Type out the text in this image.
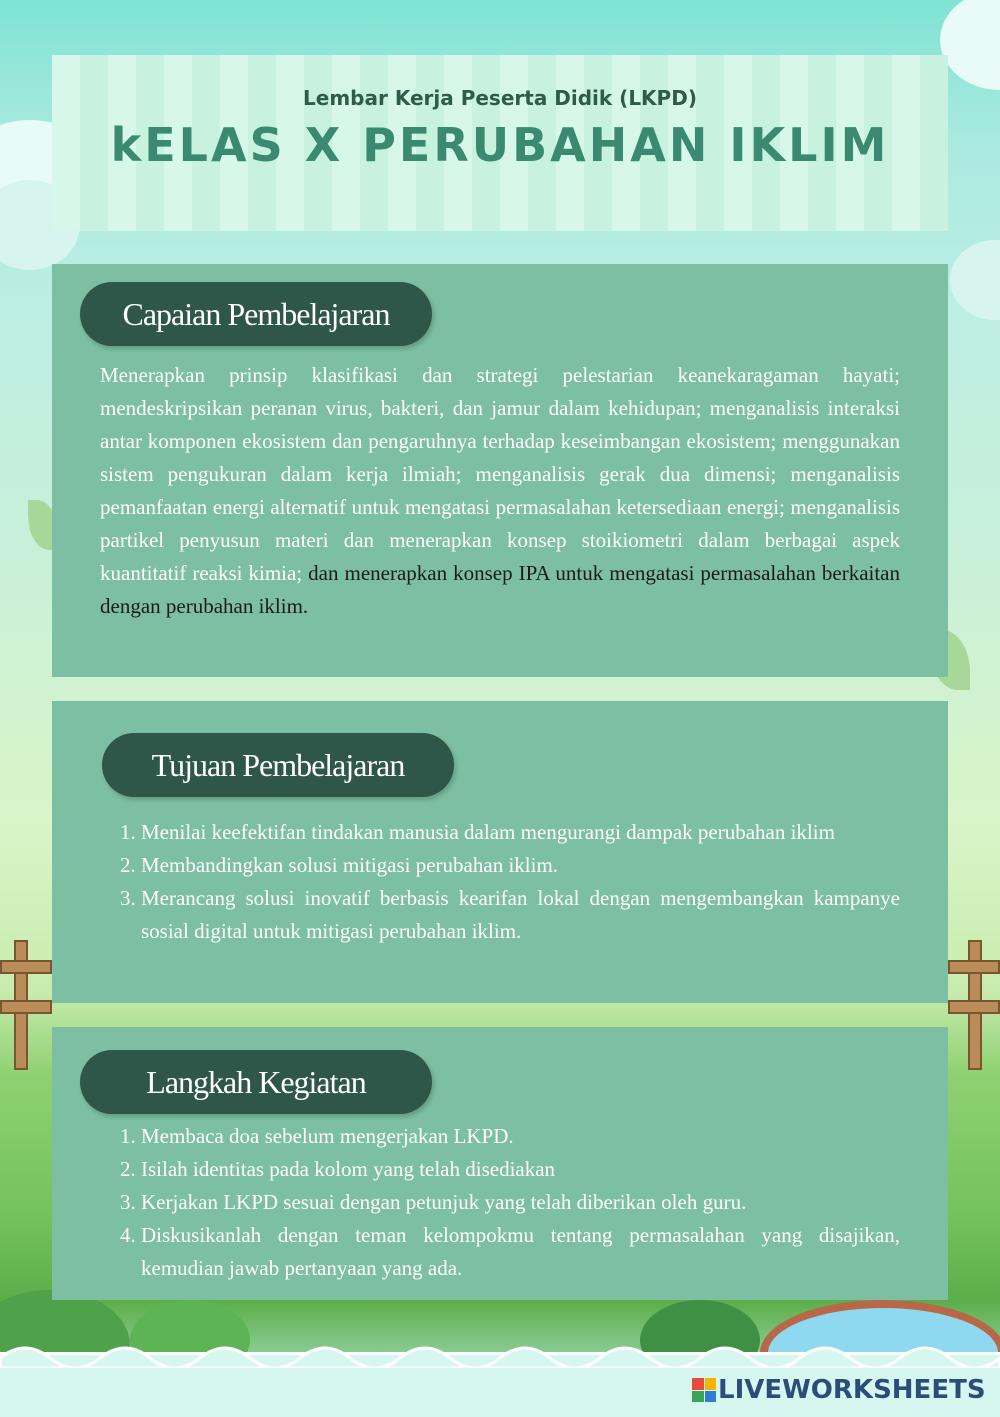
Lembar Kerja Peserta Didik (LKPD)
kELAS X PERUBAHAN IKLIM
Capaian Pembelajaran
Menerapkan prinsip klasifikasi dan strategi pelestarian keanekaragaman hayati; mendeskripsikan peranan virus, bakteri, dan jamur dalam kehidupan; menganalisis interaksi antar komponen ekosistem dan pengaruhnya terhadap keseimbangan ekosistem; menggunakan sistem pengukuran dalam kerja ilmiah; menganalisis gerak dua dimensi; menganalisis pemanfaatan energi alternatif untuk mengatasi permasalahan ketersediaan energi; menganalisis partikel penyusun materi dan menerapkan konsep stoikiometri dalam berbagai aspek kuantitatif reaksi kimia; dan menerapkan konsep IPA untuk mengatasi permasalahan berkaitan dengan perubahan iklim.
Tujuan Pembelajaran
1. Menilai keefektifan tindakan manusia dalam mengurangi dampak perubahan iklim
2. Membandingkan solusi mitigasi perubahan iklim.
3. Merancang solusi inovatif berbasis kearifan lokal dengan mengembangkan kampanye sosial digital untuk mitigasi perubahan iklim.
Langkah Kegiatan
1. Membaca doa sebelum mengerjakan LKPD.
2. Isilah identitas pada kolom yang telah disediakan
3. Kerjakan LKPD sesuai dengan petunjuk yang telah diberikan oleh guru.
4. Diskusikanlah dengan teman kelompokmu tentang permasalahan yang disajikan, kemudian jawab pertanyaan yang ada.
LIVEWORKSHEETS
